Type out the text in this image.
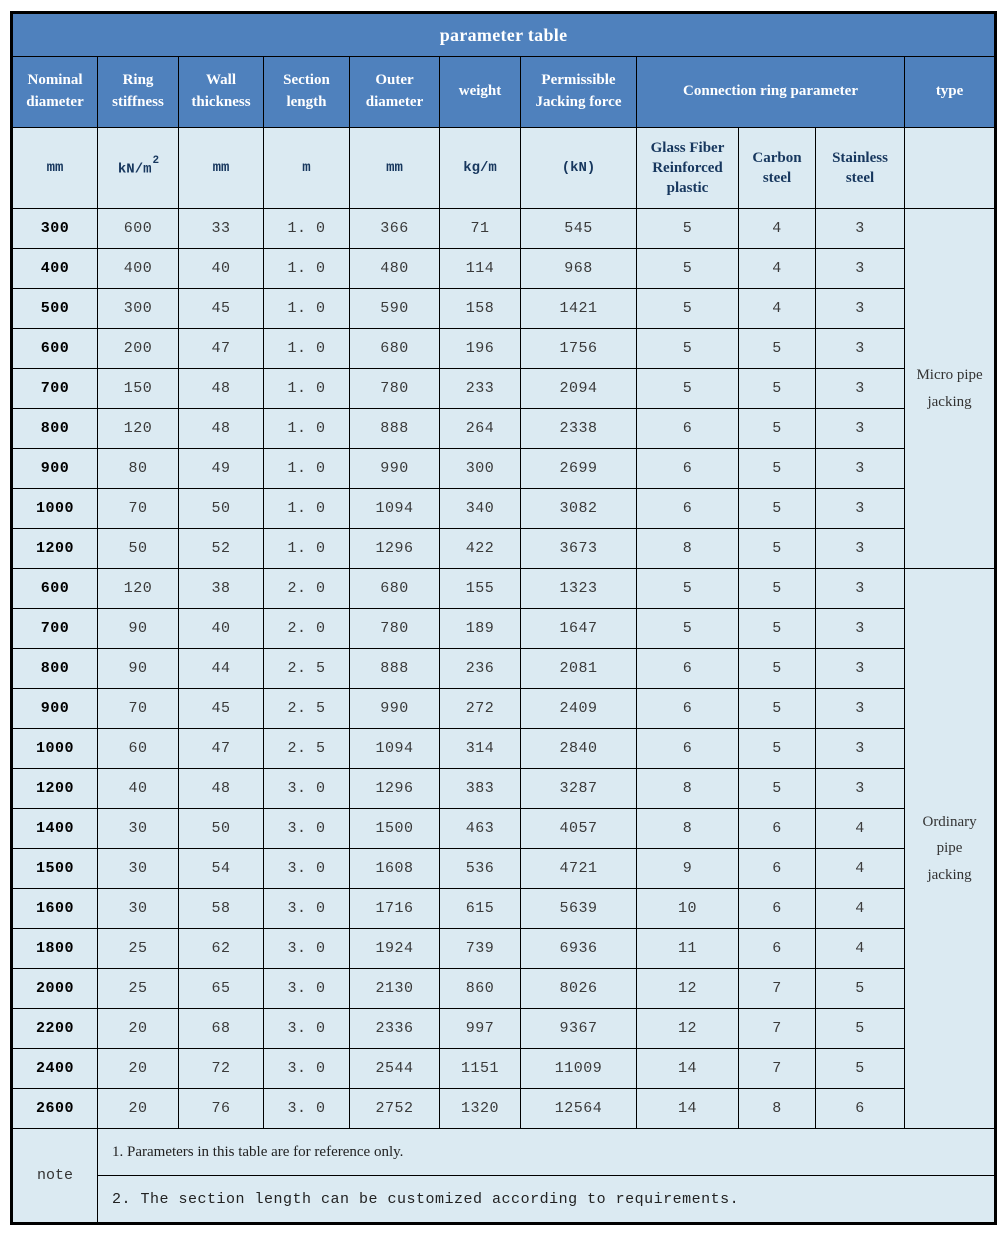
parameter table										
Nominal diameter	Ring stiffness	Wall thickness	Section length	Outer diameter	weight	Permissible Jacking force	Connection ring parameter			type
mm	$kN/m^2$	mm	m	mm	kg/m	(kN)	Glass Fiber Reinforced plastic	Carbon steel	Stainless steel	
300	600	33	1. 0	366	71	545	5	4	3	Micro pipe jacking
400	400	40	1. 0	480	114	968	5	4	3	
500	300	45	1. 0	590	158	1421	5	4	3	
600	200	47	1. 0	680	196	1756	5	5	3	
700	150	48	1. 0	780	233	2094	5	5	3	
800	120	48	1. 0	888	264	2338	6	5	3	
900	80	49	1. 0	990	300	2699	6	5	3	
1000	70	50	1. 0	1094	340	3082	6	5	3	
1200	50	52	1. 0	1296	422	3673	8	5	3	
600	120	38	2. 0	680	155	1323	5	5	3	Ordinary pipe jacking
700	90	40	2. 0	780	189	1647	5	5	3	
800	90	44	2. 5	888	236	2081	6	5	3	
900	70	45	2. 5	990	272	2409	6	5	3	
1000	60	47	2. 5	1094	314	2840	6	5	3	
1200	40	48	3. 0	1296	383	3287	8	5	3	
1400	30	50	3. 0	1500	463	4057	8	6	4	
1500	30	54	3. 0	1608	536	4721	9	6	4	
1600	30	58	3. 0	1716	615	5639	10	6	4	
1800	25	62	3. 0	1924	739	6936	11	6	4	
2000	25	65	3. 0	2130	860	8026	12	7	5	
2200	20	68	3. 0	2336	997	9367	12	7	5	
2400	20	72	3. 0	2544	1151	11009	14	7	5	
2600	20	76	3. 0	2752	1320	12564	14	8	6	
note	1. Parameters in this table are for reference only.									
	2. The section length can be customized according to requirements.									
